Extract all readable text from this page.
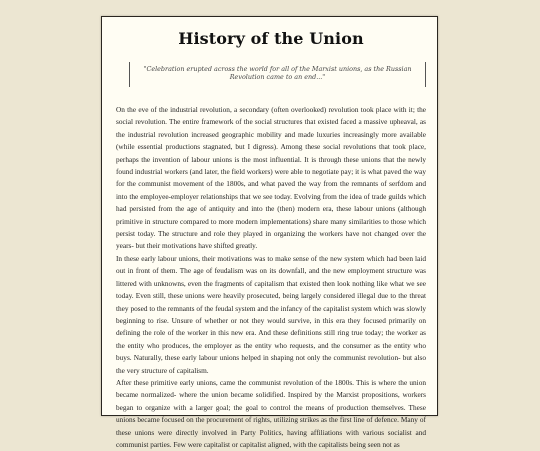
History of the Union
"Celebration erupted across the world for all of the Marxist unions, as the Russian Revolution came to an end..."

On the eve of the industrial revolution, a secondary (often overlooked) revolution took place with it; the social revolution. The entire framework of the social structures that existed faced a massive upheaval, as the industrial revolution increased geographic mobility and made luxuries increasingly more available (while essential productions stagnated, but I digress). Among these social revolutions that took place, perhaps the invention of labour unions is the most influential. It is through these unions that the newly found industrial workers (and later, the field workers) were able to negotiate pay; it is what paved the way for the communist movement of the 1800s, and what paved the way from the remnants of serfdom and into the employee-employer relationships that we see today. Evolving from the idea of trade guilds which had persisted from the age of antiquity and into the (then) modern era, these labour unions (although primitive in structure compared to more modern implementations) share many similarities to those which persist today. The structure and role they played in organizing the workers have not changed over the years- but their motivations have shifted greatly.

In these early labour unions, their motivations was to make sense of the new system which had been laid out in front of them. The age of feudalism was on its downfall, and the new employment structure was littered with unknowns, even the fragments of capitalism that existed then look nothing like what we see today. Even still, these unions were heavily prosecuted, being largely considered illegal due to the threat they posed to the remnants of the feudal system and the infancy of the capitalist system which was slowly beginning to rise. Unsure of whether or not they would survive, in this era they focused primarily on defining the role of the worker in this new era. And these definitions still ring true today; the worker as the entity who produces, the employer as the entity who requests, and the consumer as the entity who buys. Naturally, these early labour unions helped in shaping not only the communist revolution- but also the very structure of capitalism.

After these primitive early unions, came the communist revolution of the 1800s. This is where the union became normalized- where the union became solidified. Inspired by the Marxist propositions, workers began to organize with a larger goal; the goal to control the means of production themselves. These unions became focused on the procurement of rights, utilizing strikes as the first line of defence. Many of these unions were directly involved in Party Politics, having affiliations with various socialist and communist parties. Few were capitalist or capitalist aligned, with the capitalists being seen not as
